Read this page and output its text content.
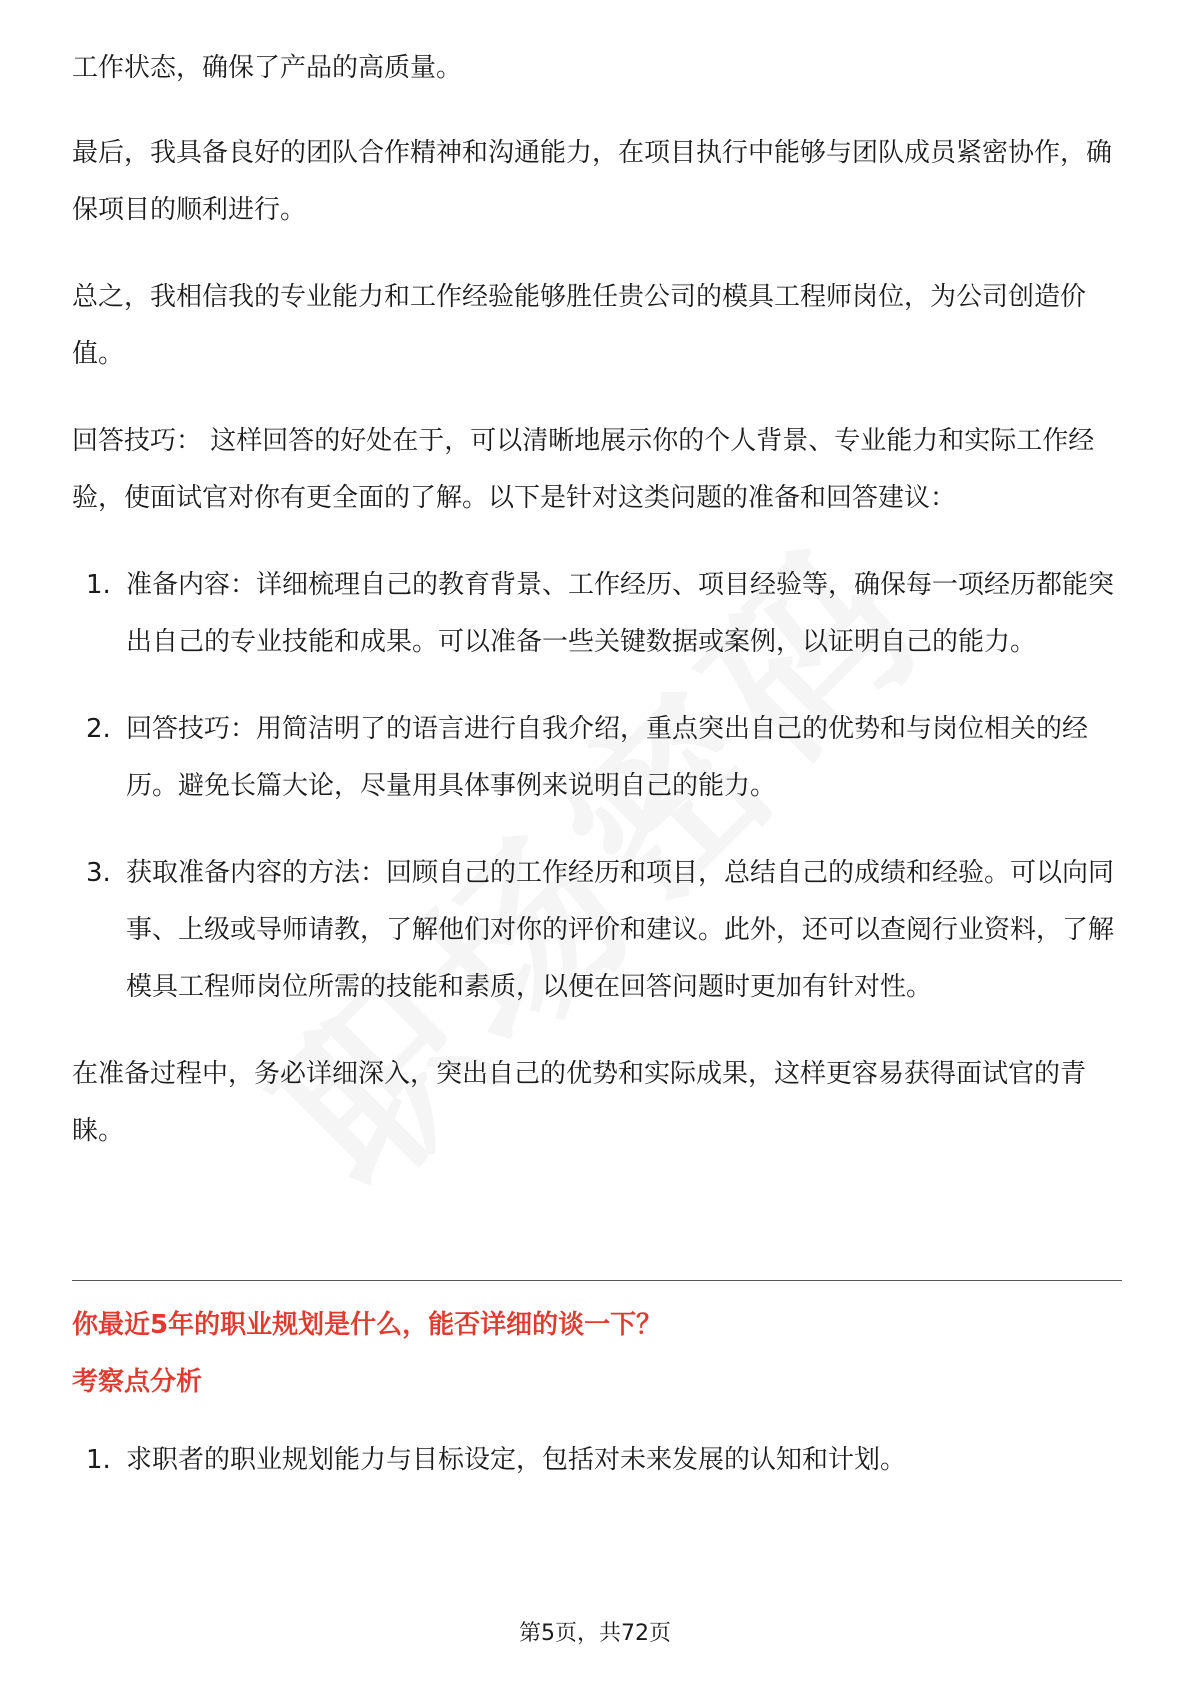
工作状态，确保了产品的高质量。

最后，我具备良好的团队合作精神和沟通能力，在项目执行中能够与团队成员紧密协作，确保项目的顺利进行。

总之，我相信我的专业能力和工作经验能够胜任贵公司的模具工程师岗位，为公司创造价值。

回答技巧： 这样回答的好处在于，可以清晰地展示你的个人背景、专业能力和实际工作经验，使面试官对你有更全面的了解。以下是针对这类问题的准备和回答建议：

1. 准备内容：详细梳理自己的教育背景、工作经历、项目经验等，确保每一项经历都能突出自己的专业技能和成果。可以准备一些关键数据或案例，以证明自己的能力。
2. 回答技巧：用简洁明了的语言进行自我介绍，重点突出自己的优势和与岗位相关的经历。避免长篇大论，尽量用具体事例来说明自己的能力。
3. 获取准备内容的方法：回顾自己的工作经历和项目，总结自己的成绩和经验。可以向同事、上级或导师请教，了解他们对你的评价和建议。此外，还可以查阅行业资料，了解模具工程师岗位所需的技能和素质，以便在回答问题时更加有针对性。

在准备过程中，务必详细深入，突出自己的优势和实际成果，这样更容易获得面试官的青睐。

你最近5年的职业规划是什么，能否详细的谈一下？
考察点分析
1. 求职者的职业规划能力与目标设定，包括对未来发展的认知和计划。
第5页，共72页
